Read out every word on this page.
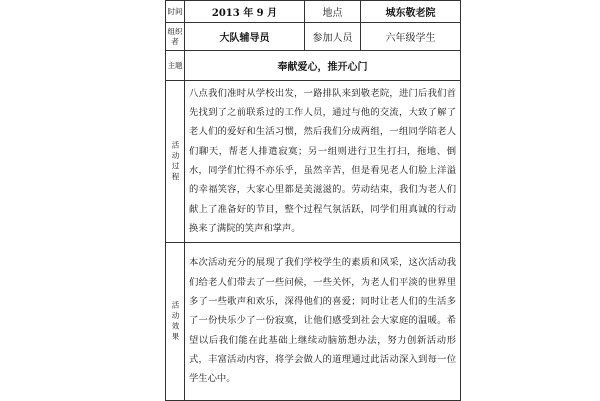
时间	2013 年 9 月	地点	城东敬老院
组织者	大队辅导员	参加人员	六年级学生
主题	奉献爱心，推开心门		

活动过程	八点我们准时从学校出发，一路排队来到敬老院，进门后我们首先找到了之前联系过的工作人员，通过与他的交流，大致了解了老人们的爱好和生活习惯，然后我们分成两组，一组同学陪老人们聊天，帮老人排遣寂寞；另一组则进行卫生打扫，拖地、倒水，同学们忙得不亦乐乎，虽然辛苦，但是看见老人们脸上洋溢的幸福笑容，大家心里都是美滋滋的。劳动结束，我们为老人们献上了准备好的节目，整个过程气氛活跃，同学们用真诚的行动换来了满院的笑声和掌声。		

活动效果	本次活动充分的展现了我们学校学生的素质和风采，这次活动我们给老人们带去了一些问候，一些关怀，为老人们平淡的世界里多了一些歌声和欢乐，深得他们的喜爱；同时让老人们的生活多了一份快乐少了一份寂寞，让他们感受到社会大家庭的温暖。希望以后我们能在此基础上继续动脑筋想办法，努力创新活动形式，丰富活动内容，将学会做人的道理通过此活动深入到每一位学生心中。		
